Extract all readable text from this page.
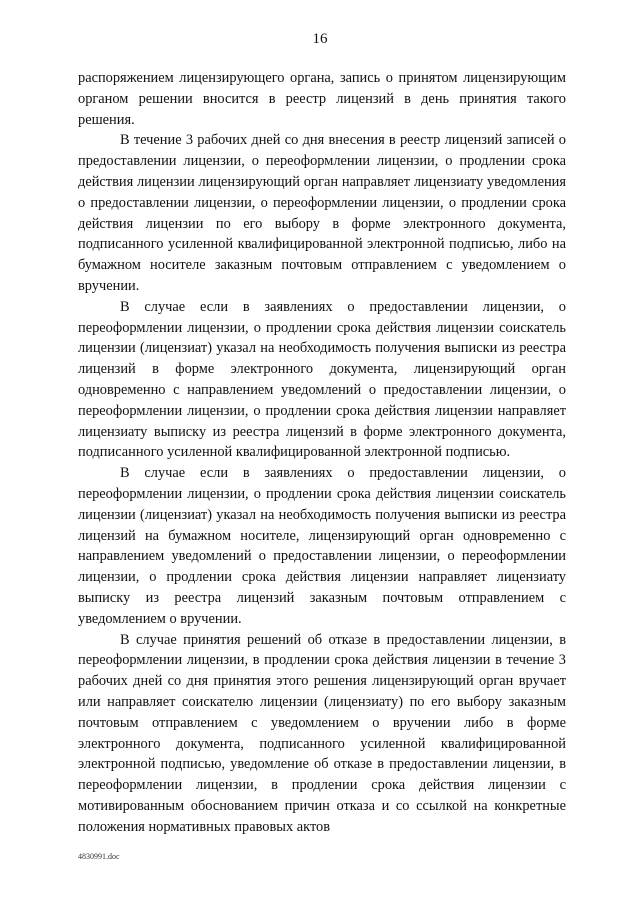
16

распоряжением лицензирующего органа, запись о принятом лицензирующим органом решении вносится в реестр лицензий в день принятия такого решения.

В течение 3 рабочих дней со дня внесения в реестр лицензий записей о предоставлении лицензии, о переоформлении лицензии, о продлении срока действия лицензии лицензирующий орган направляет лицензиату уведомления о предоставлении лицензии, о переоформлении лицензии, о продлении срока действия лицензии по его выбору в форме электронного документа, подписанного усиленной квалифицированной электронной подписью, либо на бумажном носителе заказным почтовым отправлением с уведомлением о вручении.

В случае если в заявлениях о предоставлении лицензии, о переоформлении лицензии, о продлении срока действия лицензии соискатель лицензии (лицензиат) указал на необходимость получения выписки из реестра лицензий в форме электронного документа, лицензирующий орган одновременно с направлением уведомлений о предоставлении лицензии, о переоформлении лицензии, о продлении срока действия лицензии направляет лицензиату выписку из реестра лицензий в форме электронного документа, подписанного усиленной квалифицированной электронной подписью.

В случае если в заявлениях о предоставлении лицензии, о переоформлении лицензии, о продлении срока действия лицензии соискатель лицензии (лицензиат) указал на необходимость получения выписки из реестра лицензий на бумажном носителе, лицензирующий орган одновременно с направлением уведомлений о предоставлении лицензии, о переоформлении лицензии, о продлении срока действия лицензии направляет лицензиату выписку из реестра лицензий заказным почтовым отправлением с уведомлением о вручении.

В случае принятия решений об отказе в предоставлении лицензии, в переоформлении лицензии, в продлении срока действия лицензии в течение 3 рабочих дней со дня принятия этого решения лицензирующий орган вручает или направляет соискателю лицензии (лицензиату) по его выбору заказным почтовым отправлением с уведомлением о вручении либо в форме электронного документа, подписанного усиленной квалифицированной электронной подписью, уведомление об отказе в предоставлении лицензии, в переоформлении лицензии, в продлении срока действия лицензии с мотивированным обоснованием причин отказа и со ссылкой на конкретные положения нормативных правовых актов

4830991.doc
